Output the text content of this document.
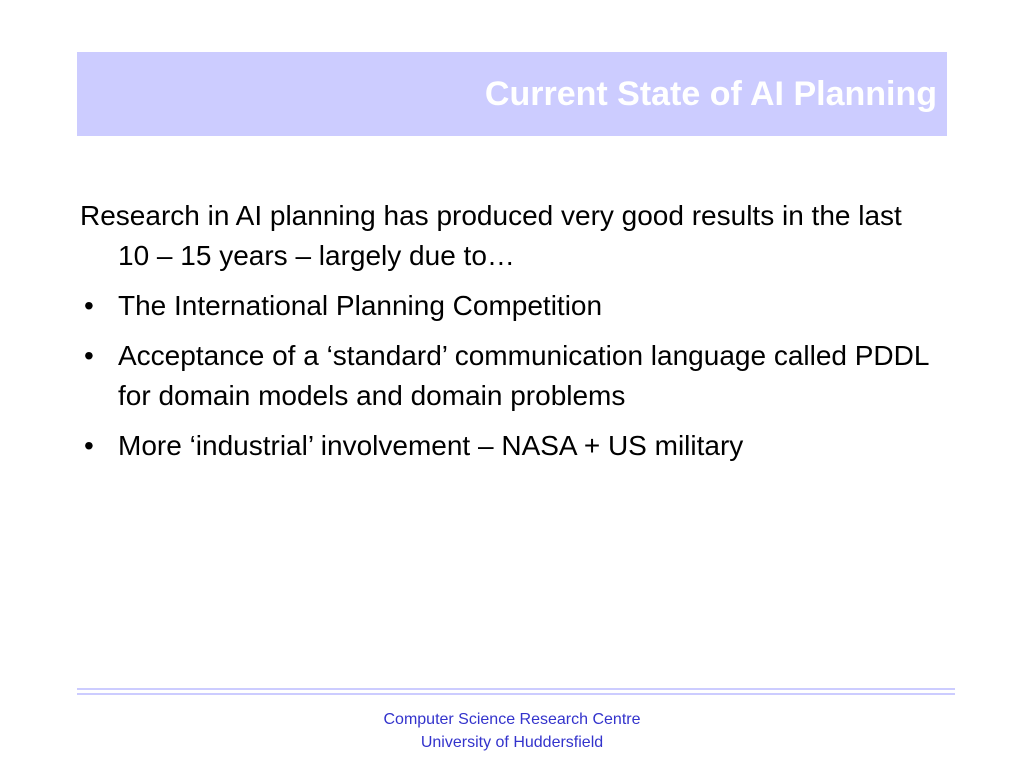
Current State of AI Planning

Research in AI planning has produced very good results in the last 10 – 15 years – largely due to…

• The International Planning Competition
• Acceptance of a ‘standard’ communication language called PDDL for domain models and domain problems
• More ‘industrial’ involvement – NASA + US military
Computer Science Research Centre
University of Huddersfield
